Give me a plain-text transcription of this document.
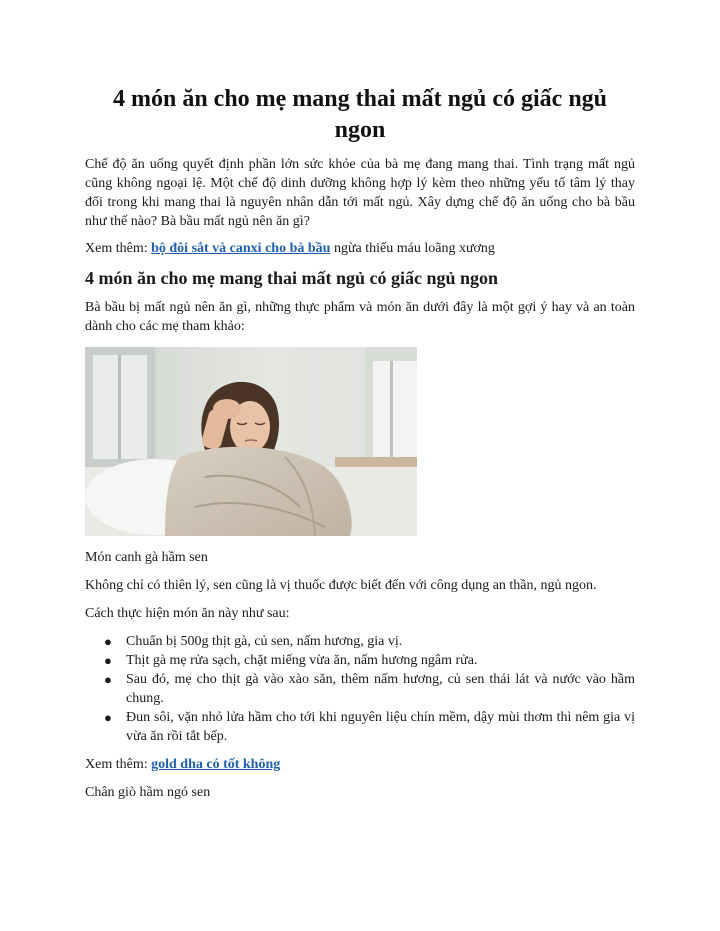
4 món ăn cho mẹ mang thai mất ngủ có giấc ngủ ngon

Chế độ ăn uống quyết định phần lớn sức khỏe của bà mẹ đang mang thai. Tình trạng mất ngủ cũng không ngoại lệ. Một chế độ dinh dưỡng không hợp lý kèm theo những yếu tố tâm lý thay đổi trong khi mang thai là nguyên nhân dẫn tới mất ngủ. Xây dựng chế độ ăn uống cho bà bầu như thế nào? Bà bầu mất ngủ nên ăn gì?

Xem thêm: bộ đôi sắt và canxi cho bà bầu ngừa thiếu máu loãng xương

4 món ăn cho mẹ mang thai mất ngủ có giấc ngủ ngon

Bà bầu bị mất ngủ nên ăn gì, những thực phẩm và món ăn dưới đây là một gợi ý hay và an toàn dành cho các mẹ tham khảo:

Món canh gà hầm sen

Không chỉ có thiên lý, sen cũng là vị thuốc được biết đến với công dụng an thần, ngủ ngon.

Cách thực hiện món ăn này như sau:

● Chuẩn bị 500g thịt gà, củ sen, nấm hương, gia vị.
● Thịt gà mẹ rửa sạch, chặt miếng vừa ăn, nấm hương ngâm rửa.
● Sau đó, mẹ cho thịt gà vào xào săn, thêm nấm hương, củ sen thái lát và nước vào hầm chung.
● Đun sôi, vặn nhỏ lửa hầm cho tới khi nguyên liệu chín mềm, dậy mùi thơm thì nêm gia vị vừa ăn rồi tắt bếp.

Xem thêm: gold dha có tốt không

Chân giò hầm ngó sen
